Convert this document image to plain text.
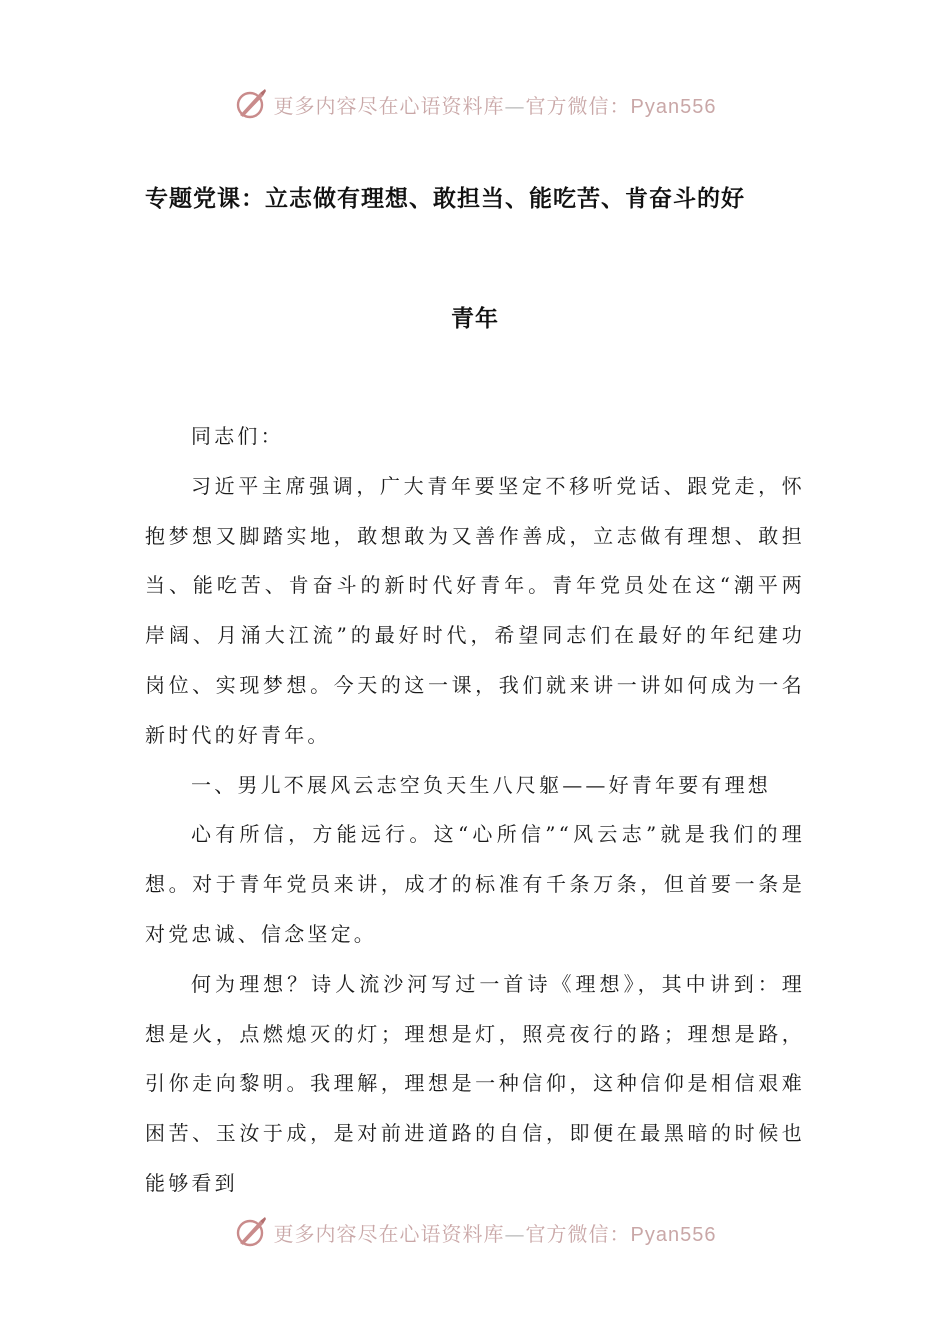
更多内容尽在心语资料库—官方微信：Pyan556
专题党课：立志做有理想、敢担当、能吃苦、肯奋斗的好
青年

同志们：

习近平主席强调，广大青年要坚定不移听党话、跟党走，怀抱梦想又脚踏实地，敢想敢为又善作善成，立志做有理想、敢担当、能吃苦、肯奋斗的新时代好青年。青年党员处在这“潮平两岸阔、月涌大江流”的最好时代，希望同志们在最好的年纪建功岗位、实现梦想。今天的这一课，我们就来讲一讲如何成为一名新时代的好青年。

一、男儿不展风云志空负天生八尺躯——好青年要有理想

心有所信，方能远行。这“心所信”“风云志”就是我们的理想。对于青年党员来讲，成才的标准有千条万条，但首要一条是对党忠诚、信念坚定。

何为理想？诗人流沙河写过一首诗《理想》，其中讲到：理想是火，点燃熄灭的灯；理想是灯，照亮夜行的路；理想是路，引你走向黎明。我理解，理想是一种信仰，这种信仰是相信艰难困苦、玉汝于成，是对前进道路的自信，即便在最黑暗的时候也能够看到

更多内容尽在心语资料库—官方微信：Pyan556
